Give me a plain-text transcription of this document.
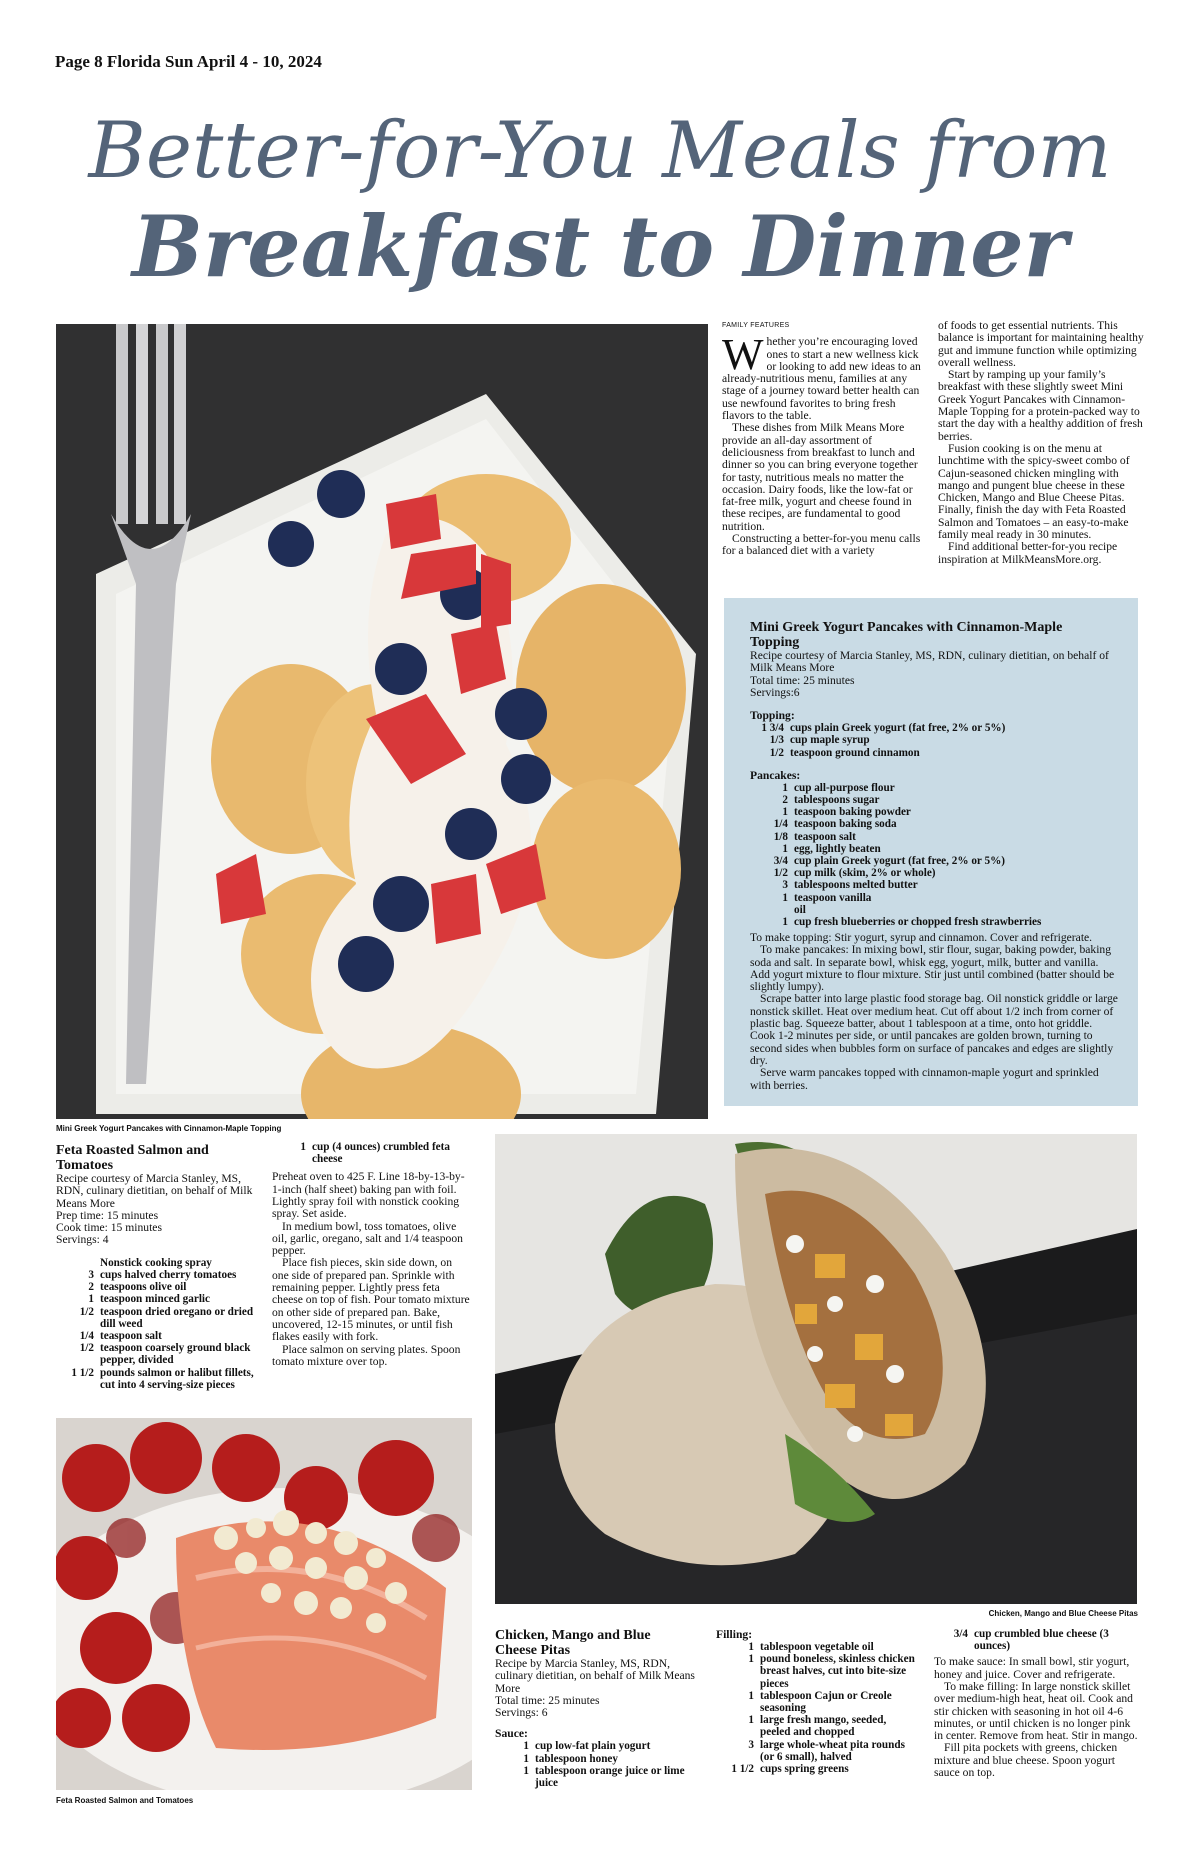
Page 8 Florida Sun April 4 - 10, 2024
Better-for-You Meals from
Breakfast to Dinner
Mini Greek Yogurt Pancakes with Cinnamon-Maple Topping
FAMILY FEATURES
W hether you’re encouraging loved ones to start a new wellness kick or looking to add new ideas to an already-nutritious menu, families at any stage of a journey toward better health can use newfound favorites to bring fresh flavors to the table.

These dishes from Milk Means More provide an all-day assortment of deliciousness from breakfast to lunch and dinner so you can bring everyone together for tasty, nutritious meals no matter the occasion. Dairy foods, like the low-fat or fat-free milk, yogurt and cheese found in these recipes, are fundamental to good nutrition.

Constructing a better-for-you menu calls for a balanced diet with a variety

of foods to get essential nutrients. This balance is important for maintaining healthy gut and immune function while optimizing overall wellness.

Start by ramping up your family’s breakfast with these slightly sweet Mini Greek Yogurt Pancakes with Cinnamon-Maple Topping for a protein-packed way to start the day with a healthy addition of fresh berries.

Fusion cooking is on the menu at lunchtime with the spicy-sweet combo of Cajun-seasoned chicken mingling with mango and pungent blue cheese in these Chicken, Mango and Blue Cheese Pitas. Finally, finish the day with Feta Roasted Salmon and Tomatoes – an easy-to-make family meal ready in 30 minutes.

Find additional better-for-you recipe inspiration at MilkMeansMore.org.

Mini Greek Yogurt Pancakes with Cinnamon-Maple Topping
Recipe courtesy of Marcia Stanley, MS, RDN, culinary dietitian, on behalf of Milk Means More
Total time: 25 minutes
Servings:6
Topping:
1 3/4 cups plain Greek yogurt (fat free, 2% or 5%)
1/3 cup maple syrup
1/2 teaspoon ground cinnamon
Pancakes:
1 cup all-purpose flour
2 tablespoons sugar
1 teaspoon baking powder
1/4 teaspoon baking soda
1/8 teaspoon salt
1 egg, lightly beaten
3/4 cup plain Greek yogurt (fat free, 2% or 5%)
1/2 cup milk (skim, 2% or whole)
3 tablespoons melted butter
1 teaspoon vanilla
oil
1 cup fresh blueberries or chopped fresh strawberries

To make topping: Stir yogurt, syrup and cinnamon. Cover and refrigerate.

To make pancakes: In mixing bowl, stir flour, sugar, baking powder, baking soda and salt. In separate bowl, whisk egg, yogurt, milk, butter and vanilla. Add yogurt mixture to flour mixture. Stir just until combined (batter should be slightly lumpy).

Scrape batter into large plastic food storage bag. Oil nonstick griddle or large nonstick skillet. Heat over medium heat. Cut off about 1/2 inch from corner of plastic bag. Squeeze batter, about 1 tablespoon at a time, onto hot griddle. Cook 1-2 minutes per side, or until pancakes are golden brown, turning to second sides when bubbles form on surface of pancakes and edges are slightly dry.

Serve warm pancakes topped with cinnamon-maple yogurt and sprinkled with berries.

Feta Roasted Salmon and Tomatoes
Recipe courtesy of Marcia Stanley, MS, RDN, culinary dietitian, on behalf of Milk Means More
Prep time: 15 minutes
Cook time: 15 minutes
Servings: 4
Nonstick cooking spray
3 cups halved cherry tomatoes
2 teaspoons olive oil
1 teaspoon minced garlic
1/2 teaspoon dried oregano or dried dill weed
1/4 teaspoon salt
1/2 teaspoon coarsely ground black pepper, divided
1 1/2 pounds salmon or halibut fillets, cut into 4 serving-size pieces
1 cup (4 ounces) crumbled feta cheese

Preheat oven to 425 F. Line 18-by-13-by-1-inch (half sheet) baking pan with foil. Lightly spray foil with nonstick cooking spray. Set aside.

In medium bowl, toss tomatoes, olive oil, garlic, oregano, salt and 1/4 teaspoon pepper.

Place fish pieces, skin side down, on one side of prepared pan. Sprinkle with remaining pepper. Lightly press feta cheese on top of fish. Pour tomato mixture on other side of prepared pan. Bake, uncovered, 12-15 minutes, or until fish flakes easily with fork.

Place salmon on serving plates. Spoon tomato mixture over top.

Feta Roasted Salmon and Tomatoes
Chicken, Mango and Blue Cheese Pitas
Chicken, Mango and Blue Cheese Pitas
Recipe by Marcia Stanley, MS, RDN, culinary dietitian, on behalf of Milk Means More
Total time: 25 minutes
Servings: 6
Sauce:
1 cup low-fat plain yogurt
1 tablespoon honey
1 tablespoon orange juice or lime juice
Filling:
1 tablespoon vegetable oil
1 pound boneless, skinless chicken breast halves, cut into bite-size pieces
1 tablespoon Cajun or Creole seasoning
1 large fresh mango, seeded, peeled and chopped
3 large whole-wheat pita rounds (or 6 small), halved
1 1/2 cups spring greens
3/4 cup crumbled blue cheese (3 ounces)

To make sauce: In small bowl, stir yogurt, honey and juice. Cover and refrigerate.

To make filling: In large nonstick skillet over medium-high heat, heat oil. Cook and stir chicken with seasoning in hot oil 4-6 minutes, or until chicken is no longer pink in center. Remove from heat. Stir in mango.

Fill pita pockets with greens, chicken mixture and blue cheese. Spoon yogurt sauce on top.
